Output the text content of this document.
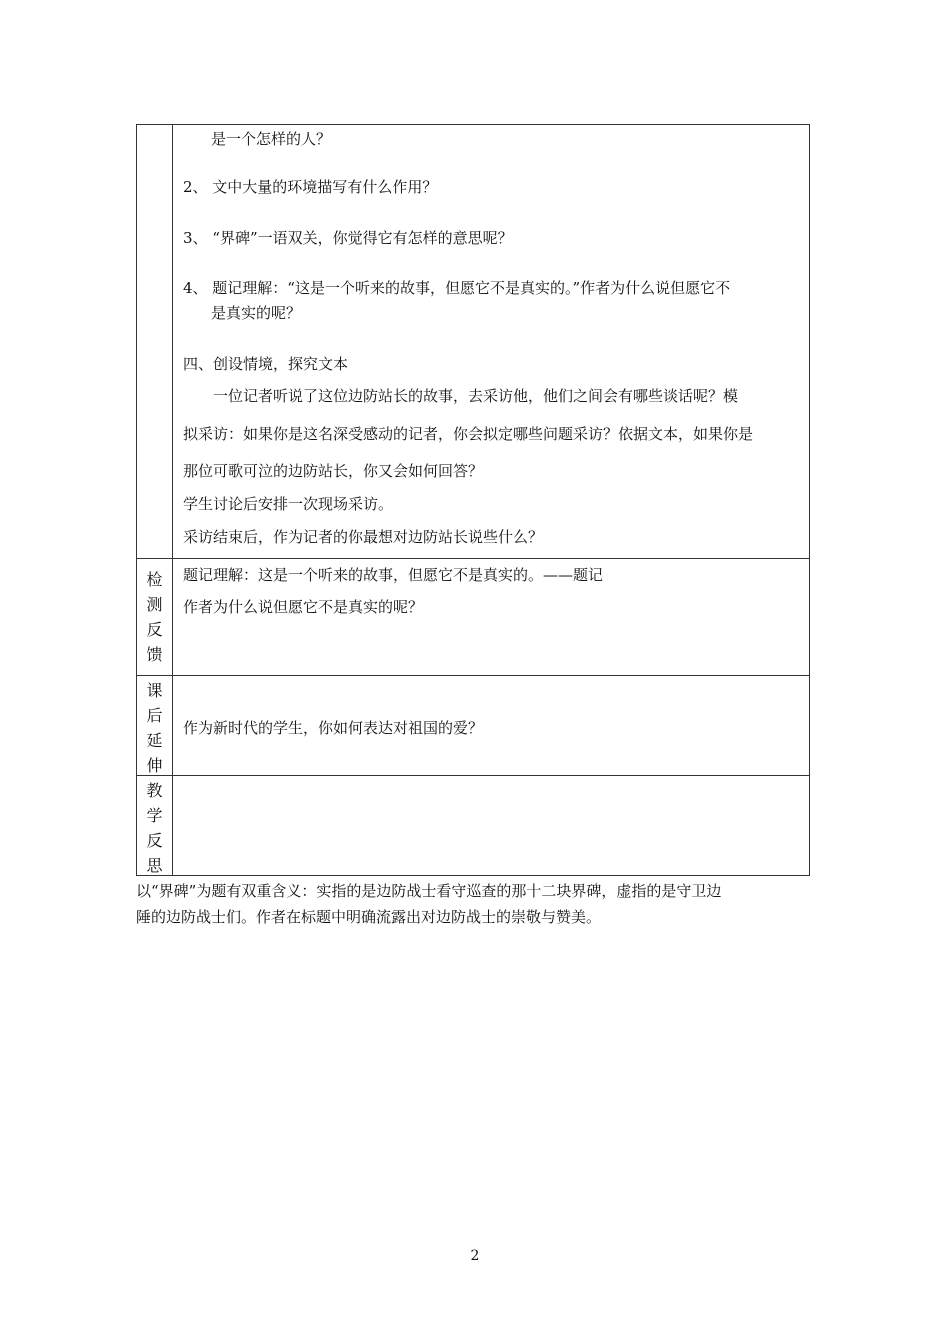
是一个怎样的人？
2、 文中大量的环境描写有什么作用？
3、 “界碑”一语双关，你觉得它有怎样的意思呢？
4、 题记理解：“这是一个听来的故事，但愿它不是真实的。”作者为什么说但愿它不
是真实的呢？
四、创设情境，探究文本
一位记者听说了这位边防站长的故事，去采访他，他们之间会有哪些谈话呢？模
拟采访：如果你是这名深受感动的记者，你会拟定哪些问题采访？依据文本，如果你是
那位可歌可泣的边防站长，你又会如何回答？
学生讨论后安排一次现场采访。
采访结束后，作为记者的你最想对边防站长说些什么？
检
测
反
馈
题记理解：这是一个听来的故事，但愿它不是真实的。——题记
作者为什么说但愿它不是真实的呢？
课
后
延
伸
作为新时代的学生，你如何表达对祖国的爱？
教
学
反
思
以“界碑”为题有双重含义：实指的是边防战士看守巡查的那十二块界碑，虚指的是守卫边
陲的边防战士们。作者在标题中明确流露出对边防战士的崇敬与赞美。
2
